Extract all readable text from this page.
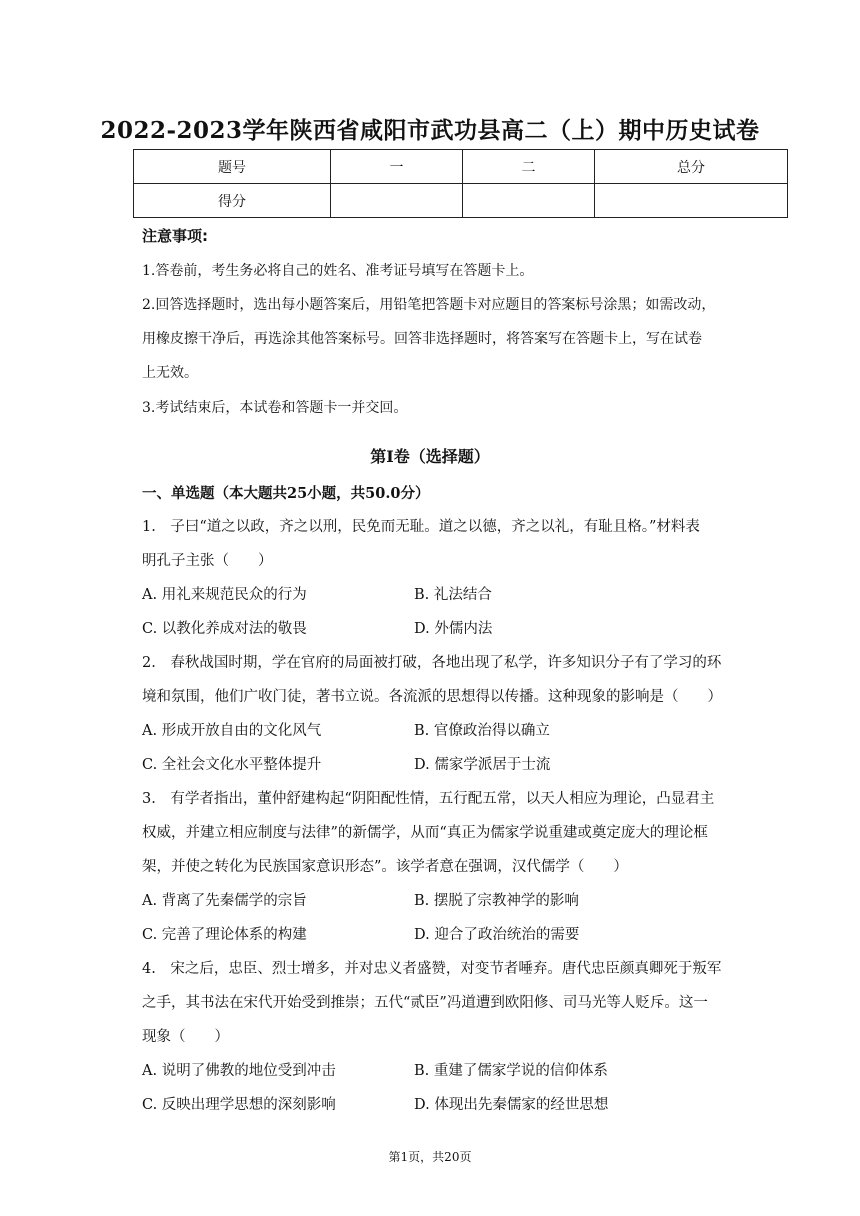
2022-2023学年陕西省咸阳市武功县高二（上）期中历史试卷
题号	一	二	总分
得分			
注意事项:
1.答卷前，考生务必将自己的姓名、准考证号填写在答题卡上。
2.回答选择题时，选出每小题答案后，用铅笔把答题卡对应题目的答案标号涂黑；如需改动，
用橡皮擦干净后，再选涂其他答案标号。回答非选择题时，将答案写在答题卡上，写在试卷
上无效。
3.考试结束后，本试卷和答题卡一并交回。
第I卷（选择题）
一、单选题（本大题共25小题，共50.0分）
1.　子曰“道之以政，齐之以刑，民免而无耻。道之以德，齐之以礼，有耻且格。”材料表
明孔子主张（　　）
A. 用礼来规范民众的行为	B. 礼法结合
C. 以教化养成对法的敬畏	D. 外儒内法
2.　春秋战国时期，学在官府的局面被打破，各地出现了私学，许多知识分子有了学习的环
境和氛围，他们广收门徒，著书立说。各流派的思想得以传播。这种现象的影响是（　　）
A. 形成开放自由的文化风气	B. 官僚政治得以确立
C. 全社会文化水平整体提升	D. 儒家学派居于士流
3.　有学者指出，董仲舒建构起“阴阳配性情，五行配五常，以天人相应为理论，凸显君主
权威，并建立相应制度与法律”的新儒学，从而“真正为儒家学说重建或奠定庞大的理论框
架，并使之转化为民族国家意识形态”。该学者意在强调，汉代儒学（　　）
A. 背离了先秦儒学的宗旨	B. 摆脱了宗教神学的影响
C. 完善了理论体系的构建	D. 迎合了政治统治的需要
4.　宋之后，忠臣、烈士增多，并对忠义者盛赞，对变节者唾弃。唐代忠臣颜真卿死于叛军
之手，其书法在宋代开始受到推崇；五代“贰臣”冯道遭到欧阳修、司马光等人贬斥。这一
现象（　　）
A. 说明了佛教的地位受到冲击	B. 重建了儒家学说的信仰体系
C. 反映出理学思想的深刻影响	D. 体现出先秦儒家的经世思想
第1页，共20页
